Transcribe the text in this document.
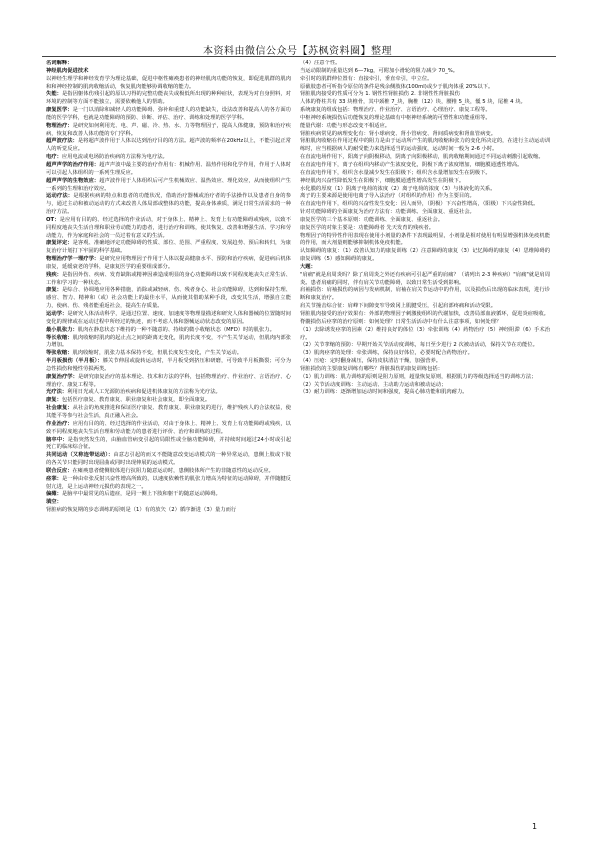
本资料由微信公众号【苏枫资料圈】整理

名词解释：

神经肌肉促进技术

以神经生理学和神经发育学为理论基础，促进中枢性瘫痪患者的神经肌肉功能的恢复，即促进肌群的肌肉和和神经控制的肌肉收缩活动，恢复肌肉能够协调收缩的能力。

失能：是指因躯体伤残引起的原以习得的完整功能丧失或极低所出现的种种症状，表现为对自身照料，对环境的控制等方面不能独立，需要依赖他人的帮助。

康复医学：是一门以消除和减轻人的功能障碍、弥补和重建人的功能缺失，设法改善和提高人的各方面功能的医学学科，也就是功能障碍的预防、诊断、评估、治疗、训练和处理的医学学科。

物理治疗：是研究如何利用光、电、声、磁、冷、热、水、力等物理因子，提高人体健康，预防和治疗疾病，恢复和改善人体功能的专门学科。

超声波疗法：是将超声波作用于人体以达到治疗目的的方法。超声波的频率在20kHz以上，不能引起正常人的听觉反应。

电疗：应用电流或电场防治疾病的方法称为电疗法。

超声声学的治疗作用：超声声波中最主要的治疗作用有：机械作用、温热作用和化学作用，作用于人体时可以引起人体组织的一系列生理反应。

超声声学的生物效应：超声波作用于人体组织后可产生机械效应、温热效应、理化效应，从而使组织产生一系列的生理和治疗效应。

运动疗法：是根据疾病的特点和患者的功能状况，借助治疗器械或治疗者的手法操作以及患者自身的参与，通过主动和被动运动的方式来改善人体局部或整体的功能，提高身体素质，满足日常生活需求的一种治疗方法。

OT：是应用有目的的、经过选择的作业活动，对于身体上、精神上、发育上有功能障碍或残疾，以致不同程度地丧失生活自理和职业劳动能力的患者，进行治疗和训练，使其恢复、改善和增强生活、学习和劳动能力，作为家庭和社会的一员过着有意义的生活。

康复评定：是客观、准确地评定功能障碍的性质、部位、范围、严重程度、发展趋势、预后和转归，为康复治疗计划打下牢固的科学基础。

物理治疗学一理疗学：是研究应用物理因子作用于人体以提高健康水平、预防和治疗疾病，促进病后机体康复，延缓衰老的学科，是康复医学的重要组成部分。

残疾：是指因外伤、疾病、发育缺陷或精神因素造成明显的身心功能障碍以致不同程度地丧失正常生活、工作和学习的一种状态。

康复：是综合、协调地应用各种措施，消除或减轻病、伤、残者身心、社会功能障碍，达到和保持生理、感官、智力、精神和（或）社会功能上的最佳水平，从而使其借助某种手段，改变其生活，增强自立能力，使病、伤、残者能重返社会，提高生存质量。

运动学：是研究人体活动科学，是通过位置、速度、加速度等物理量描述和研究人体和器械的位置随时间变化的规律或在运动过程中所经过的轨迹，而不考虑人体和器械运动状态改变的原因。

最小肌张力：肌肉在静息状态下维持的一种不随意的、持续的微小收缩状态（MFD）时的肌张力。

等长收缩：肌肉收缩时肌肉的起止点之间的距离无变化，肌肉长度不变，不产生关节运动，但肌肉内部张力增加。

等张收缩：肌肉收缩时，肌张力基本保持不变，但肌长度发生变化，产生关节运动。

半月板损伤（半月板）：膝关节伸屈或旋转运动时，半月板受到挤压和研磨，可导致半月板撕裂；可分为急性损伤和慢性劳损两类。

康复治疗学：是研究康复治疗的基本理论、技术和方法的学科，包括物理治疗、作业治疗、言语治疗、心理治疗、康复工程等。

光疗法：利用日光或人工光源防治疾病和促进机体康复的方法称为光疗法。

康复：包括医疗康复、教育康复、职业康复和社会康复，即全面康复。

社会康复：从社会的角度推进和保证医疗康复、教育康复、职业康复的进行，维护残疾人的合法权益，使其能平等参与社会生活，真正融入社会。

作业治疗：应用有目的的、经过选择的作业活动，对由于身体上、精神上、发育上有功能障碍或残疾，以致不同程度地丧失生活自理和劳动能力的患者进行评价、治疗和训练的过程。

脑卒中：是指突然发生的，由脑血管病变引起的局限性或全脑功能障碍，并持续时间超过24小时或引起死亡的临床综合征。

共同运动（又称连带运动）：由意志引起的而又不能随意改变运动模式的一种异常运动，患侧上肢或下肢的各关节只能同时出现屈曲或同时出现伸展的运动模式。

联合反应：在瘫痪患者健侧肢体进行抗阻力随意运动时，患侧肢体所产生的非随意性的运动反应。

痉挛：是一种由牵张反射兴奋性增高所致的，以速度依赖性的肌张力增高为特征的运动障碍，并伴随腱反射亢进，是上运动神经元损伤的表现之一。

偏瘫：是脑卒中最常见的后遗症，是同一侧上下肢和躯干的随意运动障碍。

填空：

肾脏病的恢复期的步态训练的原则是（1）有的放矢（2）循序渐进（3）量力而行

（4）注意个性。

当运动限制的重量达到 6—7kg，可附加小滑轮的阻力减少 70_%。

牵引时的肌群伸位置有：直接牵引，垂直牵引，中立位。

原截肢患者可听指令原位的条件是残余侧肢体(100ml)或少于肌肉体重 20%以下。

肾脏肌肉接受的性质可分为 1. 钢性性肾脏损伤 2. 非钢性性肾脏损伤

人体的脊柱共有 33 块椎骨，其中颈椎 7_块，胸椎（12）块，腰椎 5_块，骶 5 块，尾椎 4 块。

系统康复的组成包括：物理治疗、作业治疗、言语治疗、心理治疗、康复工程等。

中枢神经系统损伤后功能恢复的理论基础有中枢神经系统的可塑性和功能重组等。

能量代谢：功能与形态改变不相适应。

肾脏疾病常见的病理变化有：肾小球病变、肾小管病变、肾间质病变和肾血管病变。

肾脏肌肉收缩在作用过程中的阻力是由于运动所产生的肌肉收缩和张力的变化所决定的，在进行主动运动训练时，应当根据病人的耐受能力来选择适当的运动强度，运动时间一般为 2-6 小时。

在直流电场作用下，阳离子向阴极移动，阴离子向阳极移动，肌肉收缩期间通过不同运动刺激引起收缩。

在直流电作用下，离子在组织内移动产生浓度变化，阴极下离子浓度增加，细胞膜通透性增高。

在直流电作用下，组织含水量减少发生在阳极下；组织含水量增加发生在阴极下。

神经肌肉兴奋性降低发生在阳极下，细胞膜通透性增高发生在阴极下。

水化膜的厚度（1）阴离子电荷的浓度（2）离子电荷的浓度（3）与体液化的关系。

离子的主要来源是使用电离子导入法治疗（对组织的作用）作为主要目的。

在直流电作用下，组织的兴奋性发生变化：因人而异，（阴极）下兴奋性增高，（阳极）下兴奋性降低。

针对功能障碍的全面康复为治疗方法有：功能训练、全面康复、重返社会。

康复医学的三个基本原则：功能训练、全面康复、重返社会。

康复医学的对象主要是：功能障碍者 先天发育的残疾者。

物理因子的特异性作用表现在使用小剂量的条件下表现最明显，小剂量是相对使用有明显增强机体免疫机能的作用，而大剂量则能够抑制机体免疫机能。

认知障碍的康复：（1）改善认知力的康复训练（2）注意障碍的康复（3）记忆障碍的康复（4）思维障碍的康复训练（5）感知障碍的康复。

大题：

"肩痛"就是肩周炎吗？除了肩周炎之外还有疾病可引起严重的肩痛？（请列出 2-3 种疾病）"肩痛"就是肩周炎。患者肩痛的同时，伴有肩关节功能障碍，以致日常生活受到影响。

肩袖损伤：肩袖损伤的病因与发病机制，肩袖在肩关节运动中的作用，以及损伤后出现的临床表现，进行诊断和康复治疗。

肩关节撞击综合征：肩峰下间隙变窄导致冈上肌腱受压，引起肩部疼痛和活动受限。

肾脏肌肉接受的治疗效果有：外部的物理因子刺激使组织的代谢加快，改善局部血液循环，促进炎症吸收。

脊髓损伤后痉挛的治疗原则：如何处理？日常生活活动中有什么注意事项，如何处理？

（1）去除诱发痉挛的因素（2）维持良好的体位（3）牵张训练（4）药物治疗（5）神经阻滞（6）手术治疗。

（2）关节挛缩的预防：早期开始关节活动度训练，每日至少进行 2 次被动活动，保持关节在功能位。

（3）肌肉痉挛的处理：牵张训练，保持良好体位，必要时配合药物治疗。

（4）压疮：定时翻身减压，保持皮肤清洁干燥，加强营养。

肾脏损伤的主要康复训练有哪些？肾脏损伤的康复训练包括：

（1）肌力训练：肌力训练的原则是阻力原则，超量恢复原则，根据肌力的等级选择适当的训练方法；

（2）关节活动度训练：主动运动、主动助力运动和被动运动；

（3）耐力训练：逐渐增加运动时间和强度，提高心肺功能和肌肉耐力。

1
